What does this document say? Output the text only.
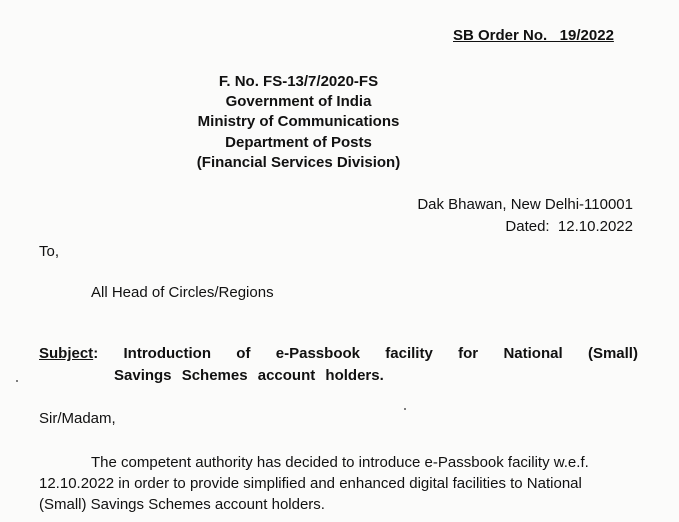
SB Order No.   19/2022
F. No. FS-13/7/2020-FS
Government of India
Ministry of Communications
Department of Posts
(Financial Services Division)
Dak Bhawan, New Delhi-110001
Dated:  12.10.2022
To,
All Head of Circles/Regions
Subject: Introduction of e-Passbook facility for National (Small)
Savings Schemes account holders.
Sir/Madam,
The competent authority has decided to introduce e-Passbook facility w.e.f.
12.10.2022 in order to provide simplified and enhanced digital facilities to National
(Small) Savings Schemes account holders.
